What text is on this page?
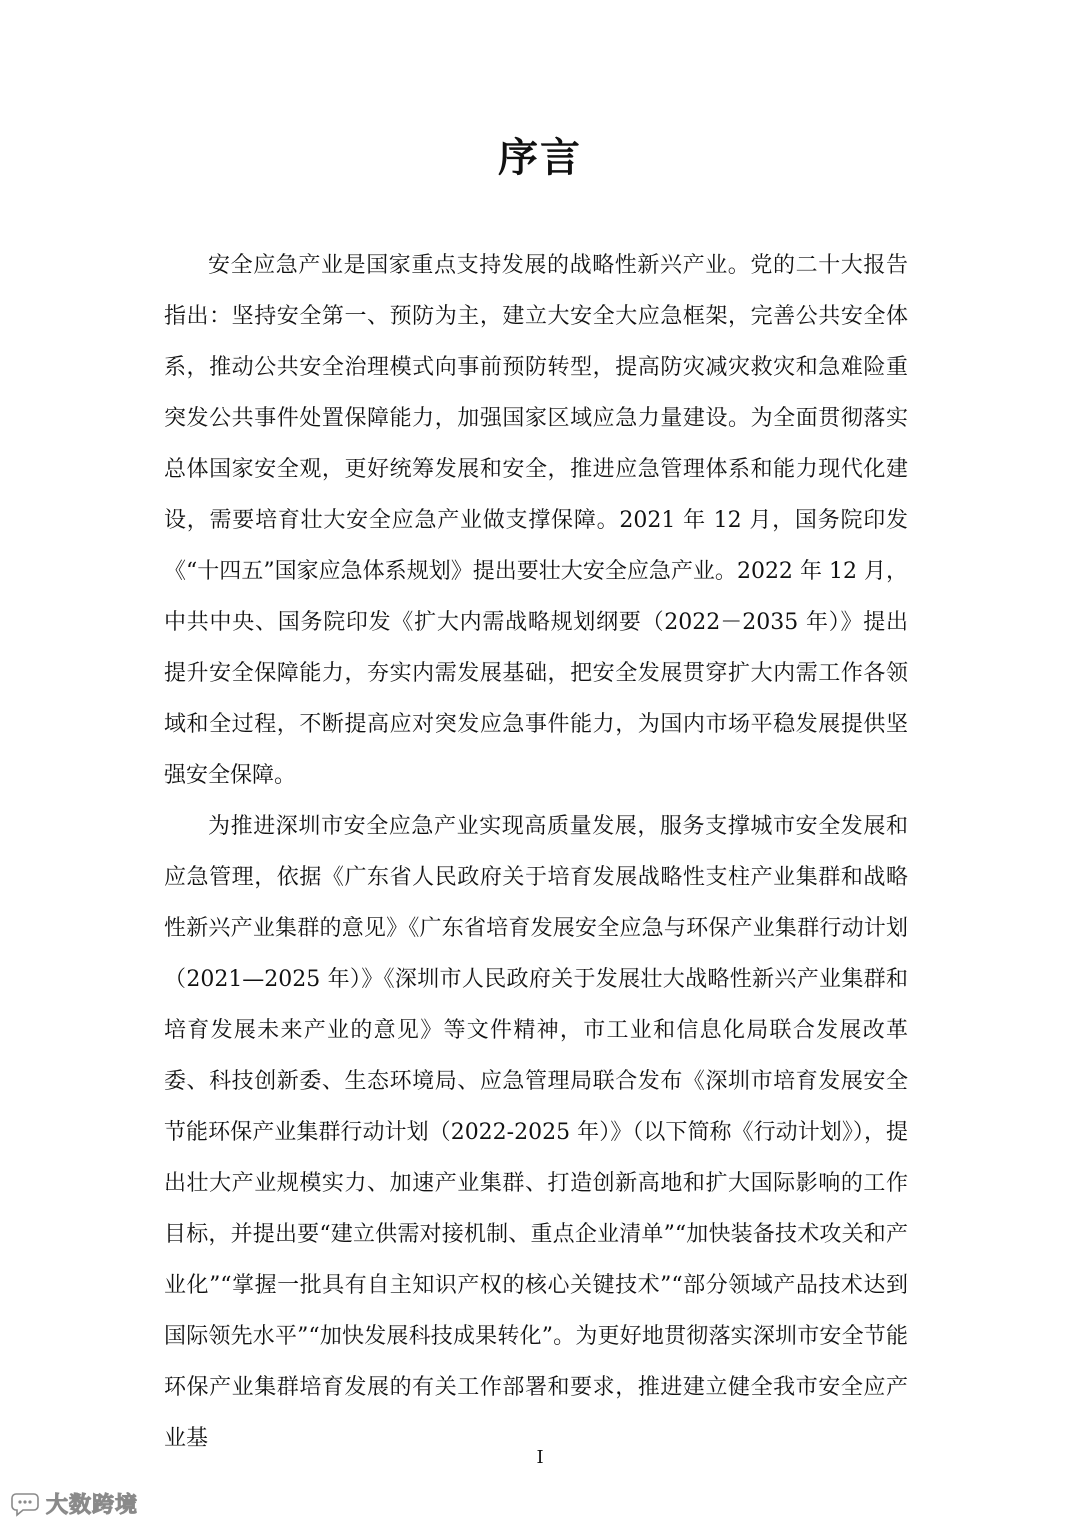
序言

安全应急产业是国家重点支持发展的战略性新兴产业。党的二十大报告指出：坚持安全第一、预防为主，建立大安全大应急框架，完善公共安全体系，推动公共安全治理模式向事前预防转型，提高防灾减灾救灾和急难险重突发公共事件处置保障能力，加强国家区域应急力量建设。为全面贯彻落实总体国家安全观，更好统筹发展和安全，推进应急管理体系和能力现代化建设，需要培育壮大安全应急产业做支撑保障。2021 年 12 月，国务院印发《“十四五”国家应急体系规划》提出要壮大安全应急产业。2022 年 12 月，中共中央、国务院印发《扩大内需战略规划纲要（2022－2035 年）》提出提升安全保障能力，夯实内需发展基础，把安全发展贯穿扩大内需工作各领域和全过程，不断提高应对突发应急事件能力，为国内市场平稳发展提供坚强安全保障。

为推进深圳市安全应急产业实现高质量发展，服务支撑城市安全发展和应急管理，依据《广东省人民政府关于培育发展战略性支柱产业集群和战略性新兴产业集群的意见》《广东省培育发展安全应急与环保产业集群行动计划（2021—2025 年）》《深圳市人民政府关于发展壮大战略性新兴产业集群和培育发展未来产业的意见》等文件精神，市工业和信息化局联合发展改革委、科技创新委、生态环境局、应急管理局联合发布《深圳市培育发展安全节能环保产业集群行动计划（2022-2025 年）》（以下简称《行动计划》），提出壮大产业规模实力、加速产业集群、打造创新高地和扩大国际影响的工作目标，并提出要“建立供需对接机制、重点企业清单”“加快装备技术攻关和产业化”“掌握一批具有自主知识产权的核心关键技术”“部分领域产品技术达到国际领先水平”“加快发展科技成果转化”。为更好地贯彻落实深圳市安全节能环保产业集群培育发展的有关工作部署和要求，推进建立健全我市安全应产业基

I
大数跨境
